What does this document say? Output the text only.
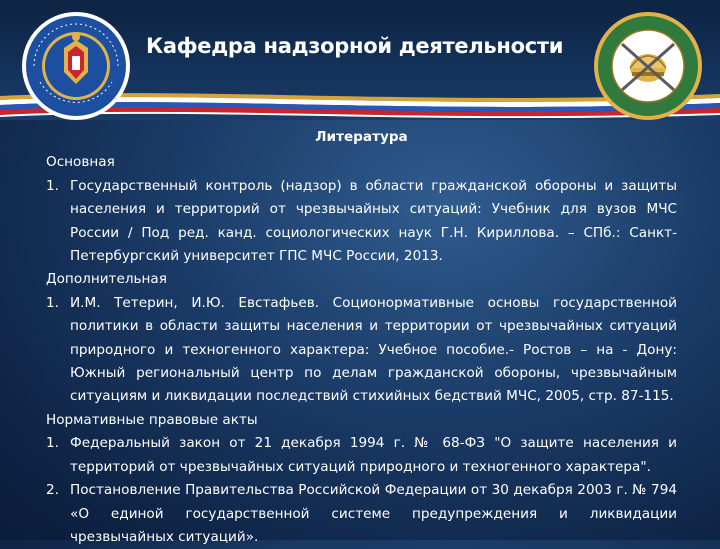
Кафедра надзорной деятельности
Литература
Основная
1. Государственный контроль (надзор) в области гражданской обороны и защиты населения и территорий от чрезвычайных ситуаций: Учебник для вузов МЧС России / Под ред. канд. социологических наук Г.Н. Кириллова. – СПб.: Санкт-Петербургский университет ГПС МЧС России, 2013.
Дополнительная
1. И.М. Тетерин, И.Ю. Евстафьев. Соционормативные основы государственной политики в области защиты населения и территории от чрезвычайных ситуаций природного и техногенного характера: Учебное пособие.- Ростов – на - Дону: Южный региональный центр по делам гражданской обороны, чрезвычайным ситуациям и ликвидации последствий стихийных бедствий МЧС, 2005, стр. 87-115.
Нормативные правовые акты
1. Федеральный закон от 21 декабря 1994 г. № 68-ФЗ "О защите населения и территорий от чрезвычайных ситуаций природного и техногенного характера".
2. Постановление Правительства Российской Федерации от 30 декабря 2003 г. № 794 «О единой государственной системе предупреждения и ликвидации чрезвычайных ситуаций».
